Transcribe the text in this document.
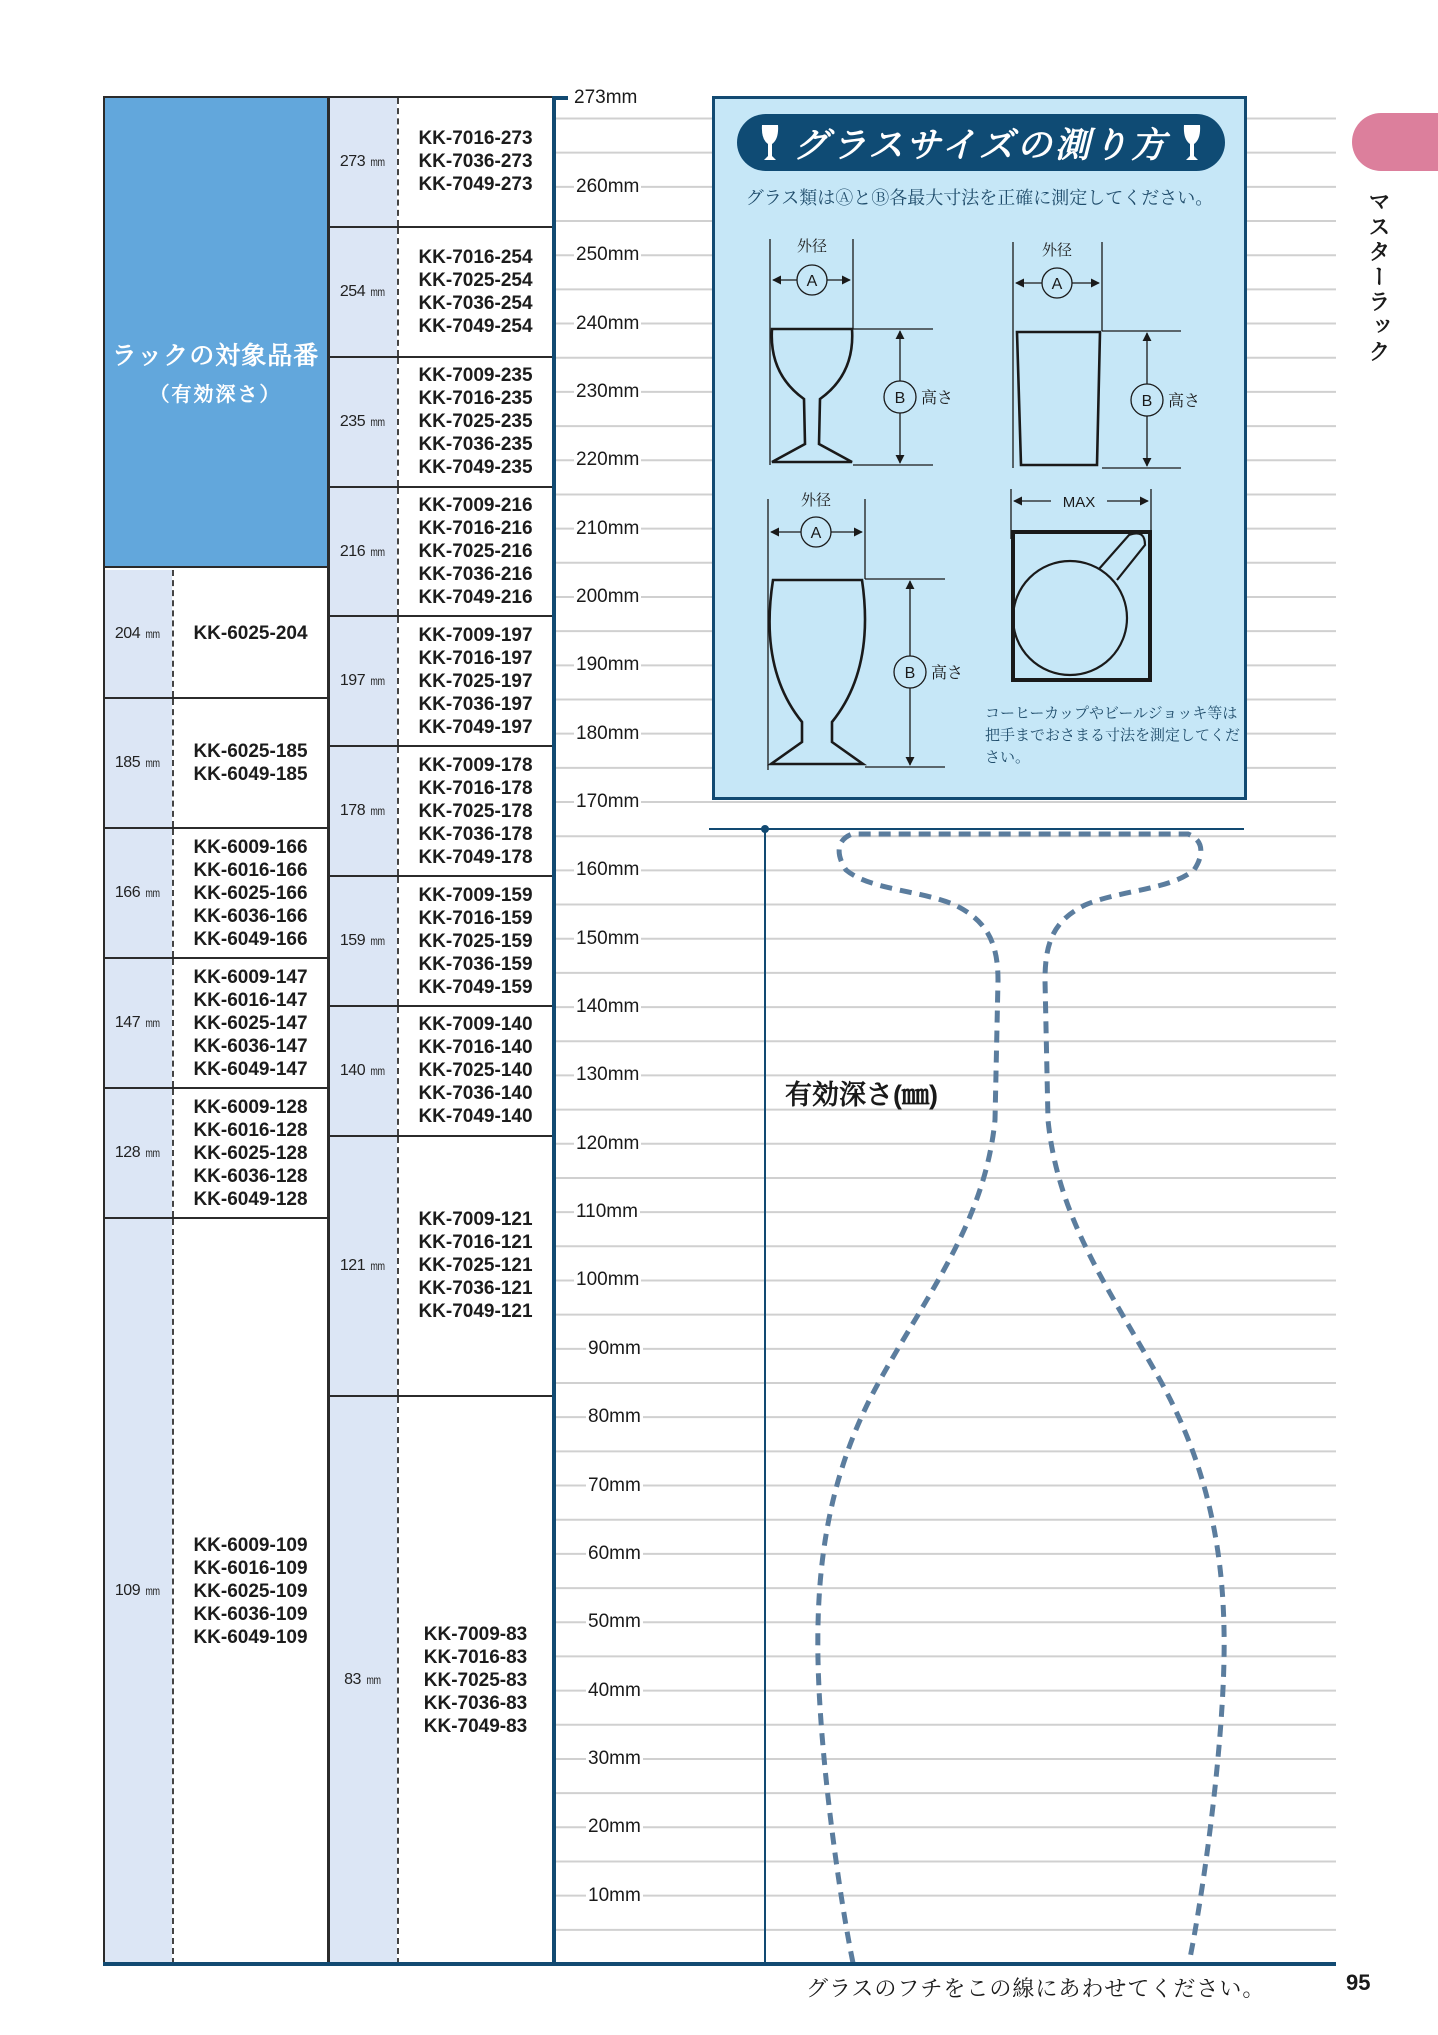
ラックの対象品番
（有効深さ）
204 mm KK-6025-204
185 mm
KK-6025-185
KK-6049-185
166 mm
KK-6009-166
KK-6016-166
KK-6025-166
KK-6036-166
KK-6049-166
147 mm
KK-6009-147
KK-6016-147
KK-6025-147
KK-6036-147
KK-6049-147
128 mm
KK-6009-128
KK-6016-128
KK-6025-128
KK-6036-128
KK-6049-128
109 mm
KK-6009-109
KK-6016-109
KK-6025-109
KK-6036-109
KK-6049-109
273 mm
KK-7016-273
KK-7036-273
KK-7049-273
254 mm
KK-7016-254
KK-7025-254
KK-7036-254
KK-7049-254
235 mm
KK-7009-235
KK-7016-235
KK-7025-235
KK-7036-235
KK-7049-235
216 mm
KK-7009-216
KK-7016-216
KK-7025-216
KK-7036-216
KK-7049-216
197 mm
KK-7009-197
KK-7016-197
KK-7025-197
KK-7036-197
KK-7049-197
178 mm
KK-7009-178
KK-7016-178
KK-7025-178
KK-7036-178
KK-7049-178
159 mm
KK-7009-159
KK-7016-159
KK-7025-159
KK-7036-159
KK-7049-159
140 mm
KK-7009-140
KK-7016-140
KK-7025-140
KK-7036-140
KK-7049-140
121 mm
KK-7009-121
KK-7016-121
KK-7025-121
KK-7036-121
KK-7049-121
83 mm
KK-7009-83
KK-7016-83
KK-7025-83
KK-7036-83
KK-7049-83
273mm
260mm
250mm
240mm
230mm
220mm
210mm
200mm
190mm
180mm
170mm
160mm
150mm
140mm
130mm
120mm
110mm
100mm
90mm
80mm
70mm
60mm
50mm
40mm
30mm
20mm
10mm
外径
A
B 高さ
外径
A
B 高さ
外径
A
B 高さ
MAX
グラスサイズの測り方
グラス類はⒶとⒷ各最大寸法を正確に測定してください。
コーヒーカップやビールジョッキ等は把手までおさまる寸法を測定してください。
有効深さ(㎜)
グラスのフチをこの線にあわせてください。	95
マスターラック
